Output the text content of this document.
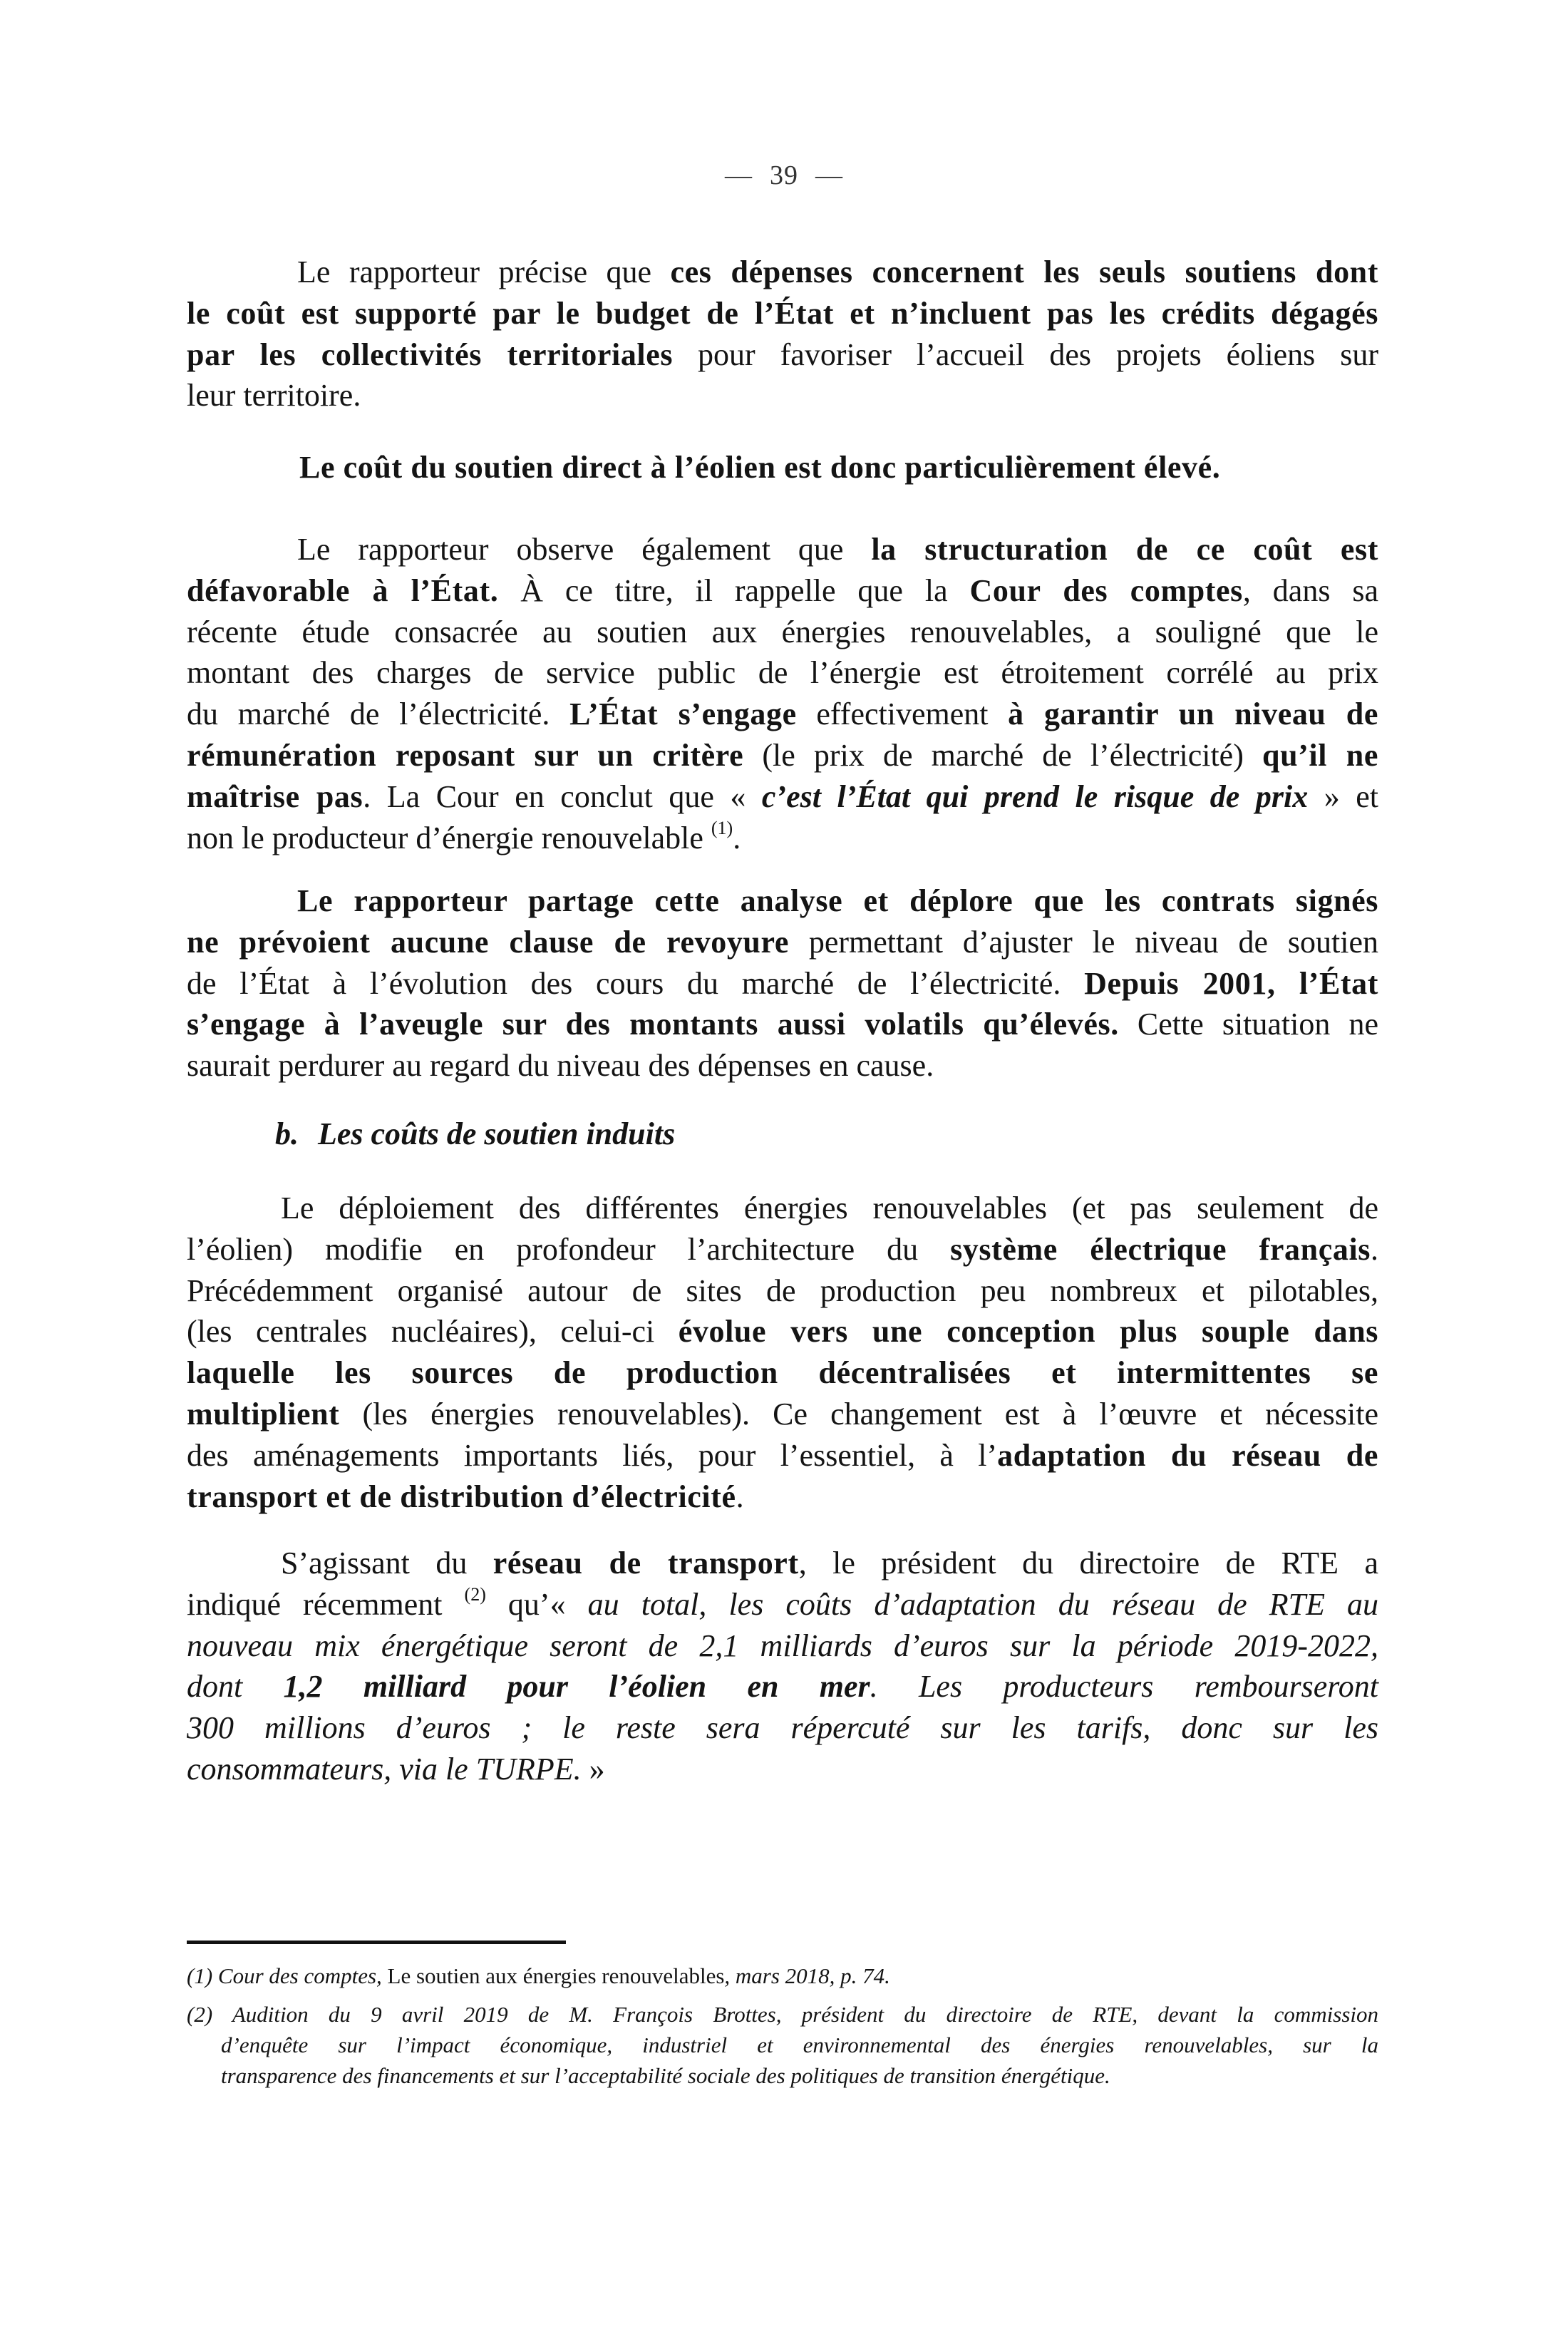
— 39 —
Le rapporteur précise que ces dépenses concernent les seuls soutiens dont
le coût est supporté par le budget de l’État et n’incluent pas les crédits dégagés
par les collectivités territoriales pour favoriser l’accueil des projets éoliens sur
leur territoire.
Le coût du soutien direct à l’éolien est donc particulièrement élevé.
Le rapporteur observe également que la structuration de ce coût est
défavorable à l’État. À ce titre, il rappelle que la Cour des comptes, dans sa
récente étude consacrée au soutien aux énergies renouvelables, a souligné que le
montant des charges de service public de l’énergie est étroitement corrélé au prix
du marché de l’électricité. L’État s’engage effectivement à garantir un niveau de
rémunération reposant sur un critère (le prix de marché de l’électricité) qu’il ne
maîtrise pas. La Cour en conclut que « c’est l’État qui prend le risque de prix » et
non le producteur d’énergie renouvelable $^{(1)}$.
Le rapporteur partage cette analyse et déplore que les contrats signés
ne prévoient aucune clause de revoyure permettant d’ajuster le niveau de soutien
de l’État à l’évolution des cours du marché de l’électricité. Depuis 2001, l’État
s’engage à l’aveugle sur des montants aussi volatils qu’élevés. Cette situation ne
saurait perdurer au regard du niveau des dépenses en cause.
b. Les coûts de soutien induits
Le déploiement des différentes énergies renouvelables (et pas seulement de
l’éolien) modifie en profondeur l’architecture du système électrique français.
Précédemment organisé autour de sites de production peu nombreux et pilotables,
(les centrales nucléaires), celui-ci évolue vers une conception plus souple dans
laquelle les sources de production décentralisées et intermittentes se
multiplient (les énergies renouvelables). Ce changement est à l’œuvre et nécessite
des aménagements importants liés, pour l’essentiel, à l’adaptation du réseau de
transport et de distribution d’électricité.
S’agissant du réseau de transport, le président du directoire de RTE a
indiqué récemment $^{(2)}$ qu’« au total, les coûts d’adaptation du réseau de RTE au
nouveau mix énergétique seront de 2,1 milliards d’euros sur la période 2019-2022,
dont 1,2 milliard pour l’éolien en mer. Les producteurs rembourseront
300 millions d’euros ; le reste sera répercuté sur les tarifs, donc sur les
consommateurs, via le TURPE. »
(1) Cour des comptes, Le soutien aux énergies renouvelables, mars 2018, p. 74.
(2) Audition du 9 avril 2019 de M. François Brottes, président du directoire de RTE, devant la commission
d’enquête sur l’impact économique, industriel et environnemental des énergies renouvelables, sur la
transparence des financements et sur l’acceptabilité sociale des politiques de transition énergétique.
